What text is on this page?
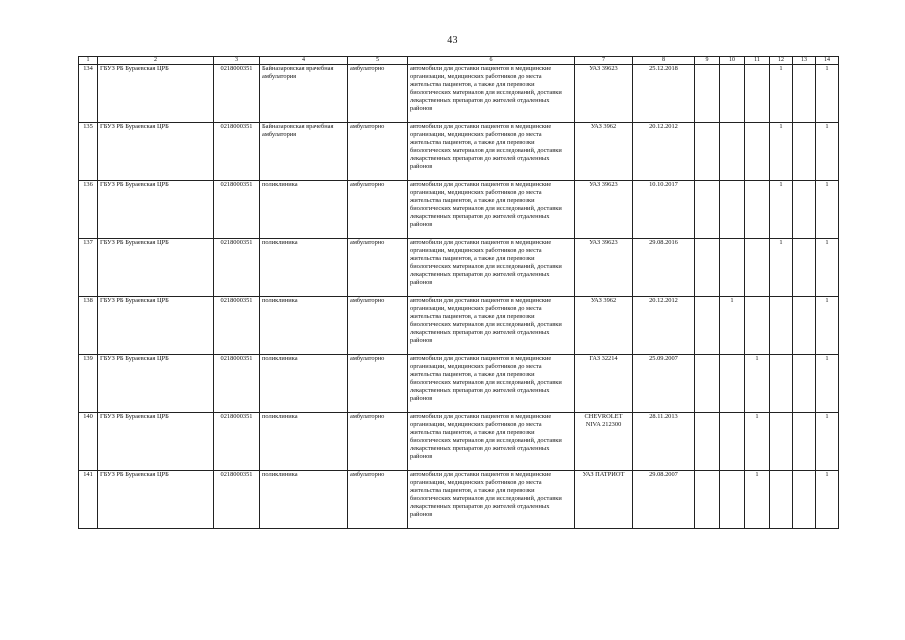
43
1	2	3	4	5	6	7	8	9	10	11	12	13	14
134	ГБУЗ РБ Бураевская ЦРБ	0218000351	Байназаровская врачебная амбулатория	амбулаторно	автомобили для доставки пациентов в медицинские организации, медицинских работников до места жительства пациентов, а также для перевозки биологических материалов для исследований, доставки лекарственных препаратов до жителей отдаленных районов	УАЗ 39623	25.12.2018				1		1
135	ГБУЗ РБ Бураевская ЦРБ	0218000351	Байназаровская врачебная амбулатория	амбулаторно	автомобили для доставки пациентов в медицинские организации, медицинских работников до места жительства пациентов, а также для перевозки биологических материалов для исследований, доставки лекарственных препаратов до жителей отдаленных районов	УАЗ 3962	20.12.2012				1		1
136	ГБУЗ РБ Бураевская ЦРБ	0218000351	поликлиника	амбулаторно	автомобили для доставки пациентов в медицинские организации, медицинских работников до места жительства пациентов, а также для перевозки биологических материалов для исследований, доставки лекарственных препаратов до жителей отдаленных районов	УАЗ 39623	10.10.2017				1		1
137	ГБУЗ РБ Бураевская ЦРБ	0218000351	поликлиника	амбулаторно	автомобили для доставки пациентов в медицинские организации, медицинских работников до места жительства пациентов, а также для перевозки биологических материалов для исследований, доставки лекарственных препаратов до жителей отдаленных районов	УАЗ 39623	29.08.2016				1		1
138	ГБУЗ РБ Бураевская ЦРБ	0218000351	поликлиника	амбулаторно	автомобили для доставки пациентов в медицинские организации, медицинских работников до места жительства пациентов, а также для перевозки биологических материалов для исследований, доставки лекарственных препаратов до жителей отдаленных районов	УАЗ 3962	20.12.2012		1				1
139	ГБУЗ РБ Бураевская ЦРБ	0218000351	поликлиника	амбулаторно	автомобили для доставки пациентов в медицинские организации, медицинских работников до места жительства пациентов, а также для перевозки биологических материалов для исследований, доставки лекарственных препаратов до жителей отдаленных районов	ГАЗ 32214	25.09.2007			1			1
140	ГБУЗ РБ Бураевская ЦРБ	0218000351	поликлиника	амбулаторно	автомобили для доставки пациентов в медицинские организации, медицинских работников до места жительства пациентов, а также для перевозки биологических материалов для исследований, доставки лекарственных препаратов до жителей отдаленных районов	CHEVROLET NIVA 212300	28.11.2013			1			1
141	ГБУЗ РБ Бураевская ЦРБ	0218000351	поликлиника	амбулаторно	автомобили для доставки пациентов в медицинские организации, медицинских работников до места жительства пациентов, а также для перевозки биологических материалов для исследований, доставки лекарственных препаратов до жителей отдаленных районов	УАЗ ПАТРИОТ	29.08.2007			1			1
